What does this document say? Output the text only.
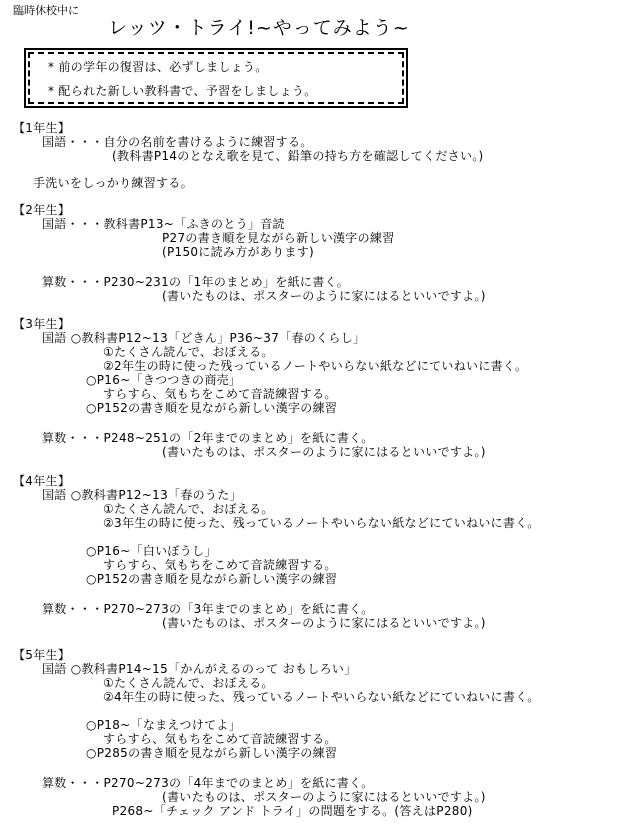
臨時休校中に
レッツ・トライ!~やってみよう~
* 前の学年の復習は、必ずしましょう。
* 配られた新しい教科書で、予習をしましょう。
【1年生】
国語・・・自分の名前を書けるように練習する。
(教科書P14のとなえ歌を見て、鉛筆の持ち方を確認してください。)
手洗いをしっかり練習する。
【2年生】
国語・・・教科書P13~「ふきのとう」音読
P27の書き順を見ながら新しい漢字の練習
(P150に読み方があります)
算数・・・P230~231の「1年のまとめ」を紙に書く。
(書いたものは、ポスターのように家にはるといいですよ。)
【3年生】
国語 ○教科書P12~13「どきん」P36~37「春のくらし」
①たくさん読んで、おぼえる。
②2年生の時に使った残っているノートやいらない紙などにていねいに書く。
○P16~「きつつきの商売」
すらすら、気もちをこめて音読練習する。
○P152の書き順を見ながら新しい漢字の練習
算数・・・P248~251の「2年までのまとめ」を紙に書く。
(書いたものは、ポスターのように家にはるといいですよ。)
【4年生】
国語 ○教科書P12~13「春のうた」
①たくさん読んで、おぼえる。
②3年生の時に使った、残っているノートやいらない紙などにていねいに書く。
○P16~「白いぼうし」
すらすら、気もちをこめて音読練習する。
○P152の書き順を見ながら新しい漢字の練習
算数・・・P270~273の「3年までのまとめ」を紙に書く。
(書いたものは、ポスターのように家にはるといいですよ。)
【5年生】
国語 ○教科書P14~15「かんがえるのって おもしろい」
①たくさん読んで、おぼえる。
②4年生の時に使った、残っているノートやいらない紙などにていねいに書く。
○P18~「なまえつけてよ」
すらすら、気もちをこめて音読練習する。
○P285の書き順を見ながら新しい漢字の練習
算数・・・P270~273の「4年までのまとめ」を紙に書く。
(書いたものは、ポスターのように家にはるといいですよ。)
P268~「チェック アンド トライ」の問題をする。(答えはP280)
